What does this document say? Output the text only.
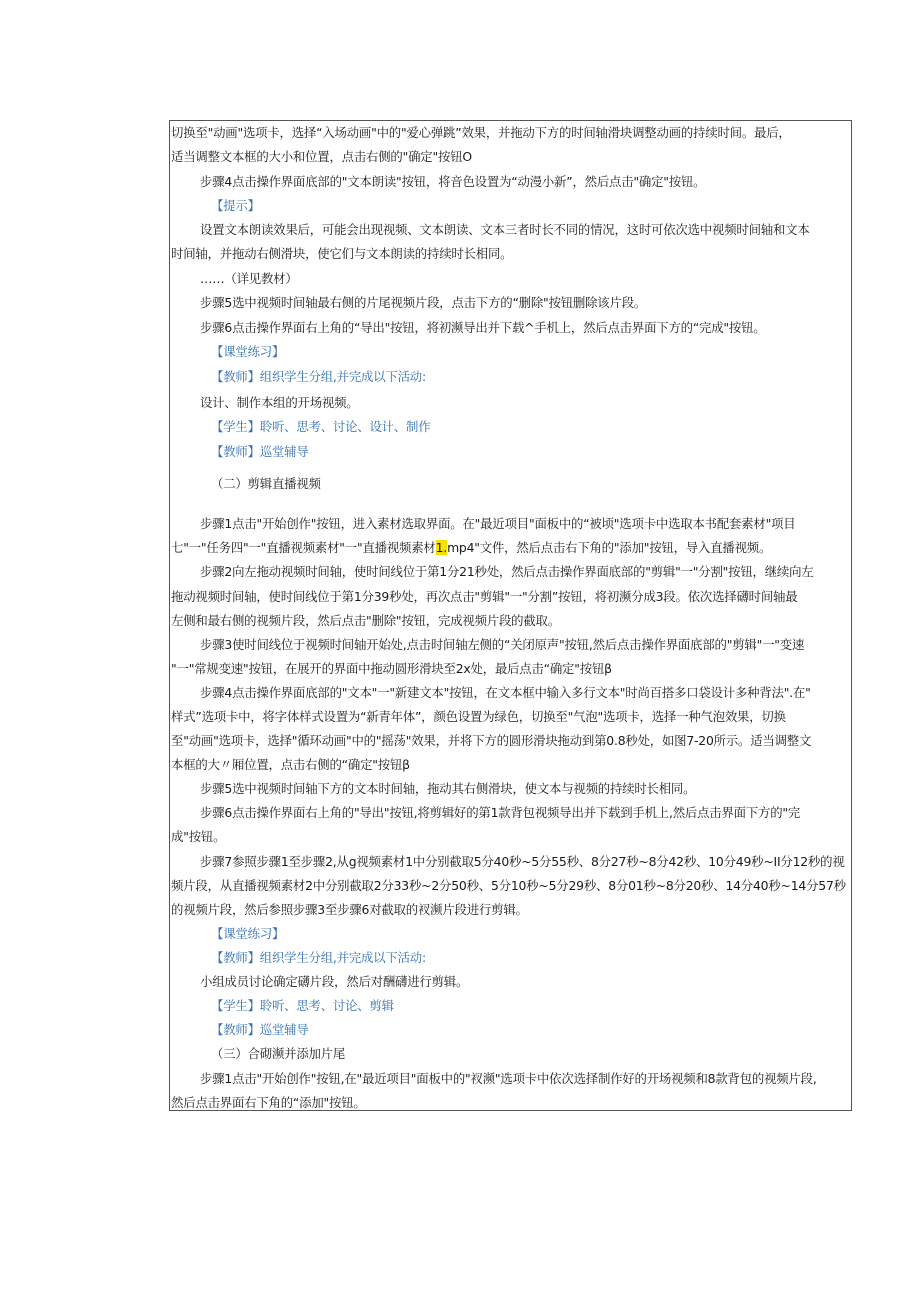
切换至"动画"选项卡，选择“入场动画"中的"爱心弹跳”效果，并拖动下方的时间轴滑块调整动画的持续时间。最后，
适当调整文本框的大小和位置，点击右侧的"确定"按钮O
步骤4点击操作界面底部的"文本朗读"按钮，将音色设置为“动漫小新”，然后点击"确定"按钮。
【提示】
设置文本朗读效果后，可能会出现视频、文本朗读、文本三者时长不同的情况，这时可依次选中视频时间轴和文本
时间轴，并拖动右侧滑块，使它们与文本朗读的持续时长相同。
……（详见教材）
步骤5选中视频时间轴最右侧的片尾视频片段，点击下方的“删除"按钮删除该片段。
步骤6点击操作界面右上角的“导出"按钮，将初濒导出并下载^手机上，然后点击界面下方的“完成"按钮。
【课堂练习】
【教师】组织学生分组,并完成以下活动:
设计、制作本组的开场视频。
【学生】聆听、思考、讨论、设计、制作
【教师】巡堂辅导
（二）剪辑直播视频
步骤1点击"开始创作"按钮，进入素材选取界面。在"最近项目"面板中的“被顷"选项卡中选取本书配套素材"项目
七"一"任务四"一"直播视频素材"一"直播视频素材1.mp4"文件，然后点击右下角的"添加"按钮，导入直播视频。
步骤2向左拖动视频时间轴，使时间线位于第1分21秒处，然后点击操作界面底部的"剪辑"一"分割"按钮，继续向左
拖动视频时间轴，使时间线位于第1分39秒处，再次点击"剪辑"一"分割”按钮，将初濒分成3段。依次选择礴时间轴最
左侧和最右侧的视频片段，然后点击"删除"按钮，完成视频片段的截取。
步骤3使时间线位于视频时间轴开始处,点击时间轴左侧的“关闭原声"按钮,然后点击操作界面底部的"剪辑"一"变速
"一"常规变速"按钮，在展开的界面中拖动圆形滑块至2x处，最后点击“确定"按钮β
步骤4点击操作界面底部的"文本"一"新建文本"按钮，在文本框中输入多行文本"时尚百搭多口袋设计多种背法".在"
样式”选项卡中，将字体样式设置为“新青年体”，颜色设置为绿色，切换至"气泡"选项卡，选择一种气泡效果，切换
至"动画"选项卡，选择"循环动画"中的"摇荡"效果，并将下方的圆形滑块拖动到第0.8秒处，如图7-20所示。适当调整文
本框的大〃厢位置，点击右侧的“确定"按钮β
步骤5选中视频时间轴下方的文本时间轴，拖动其右侧滑块，使文本与视频的持续时长相同。
步骤6点击操作界面右上角的"导出"按钮,将剪辑好的第1款背包视频导出并下载到手机上,然后点击界面下方的"完
成"按钮。
步骤7参照步骤1至步骤2,从g视频素材1中分别截取5分40秒~5分55秒、8分27秒~8分42秒、10分49秒~II分12秒的视
频片段，从直播视频素材2中分别截取2分33秒~2分50秒、5分10秒~5分29秒、8分01秒~8分20秒、14分40秒~14分57秒
的视频片段，然后参照步骤3至步骤6对截取的衩濒片段进行剪辑。
【课堂练习】
【教师】组织学生分组,并完成以下活动:
小组成员讨论确定礴片段，然后对酬礴进行剪辑。
【学生】聆听、思考、讨论、剪辑
【教师】巡堂辅导
（三）合砌濒并添加片尾
步骤1点击"开始创作"按钮,在"最近项目"面板中的"衩濒"选项卡中依次选择制作好的开场视频和8款背包的视频片段,
然后点击界面右下角的“添加"按钮。
